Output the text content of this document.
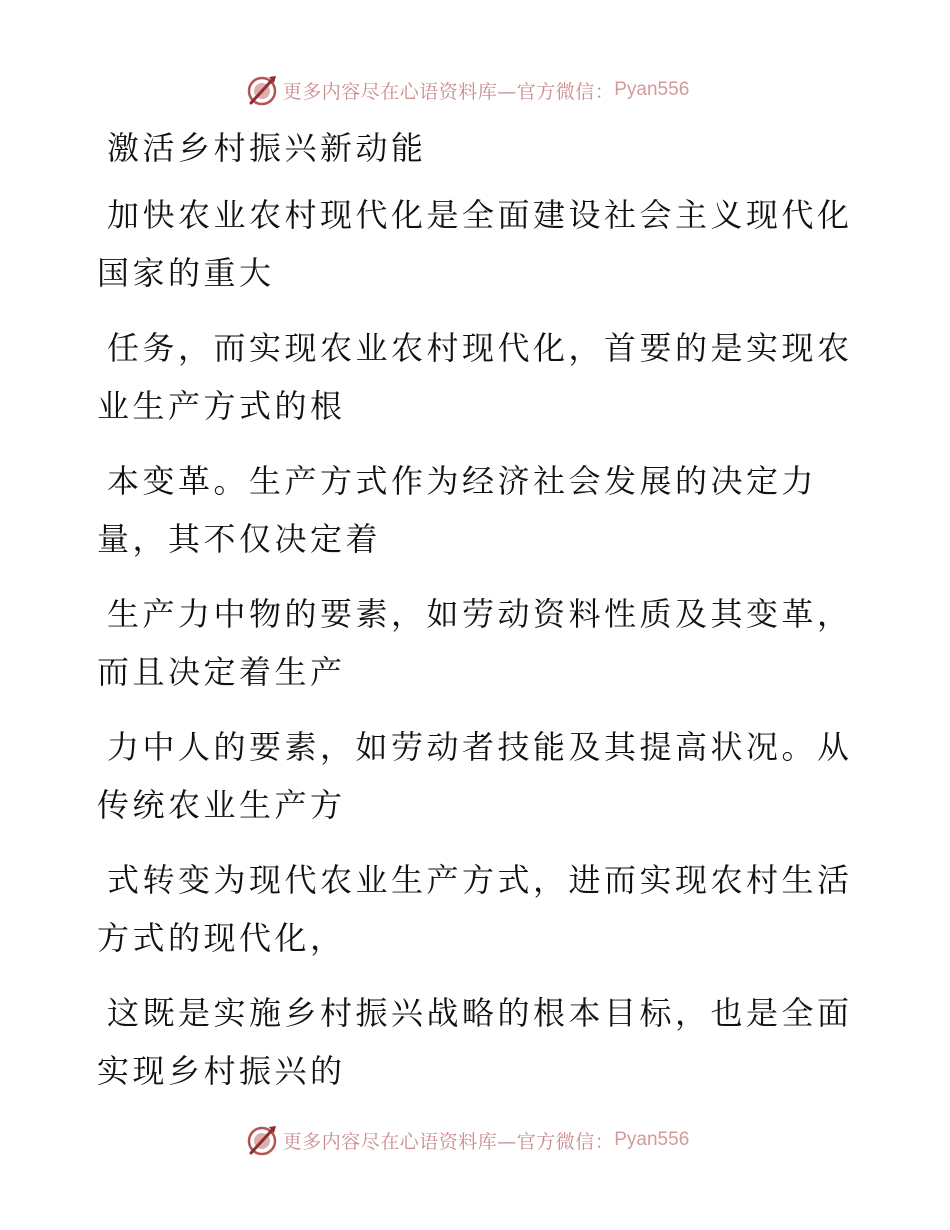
更多内容尽在心语资料库—官方微信： Pyan556
激活乡村振兴新动能

加快农业农村现代化是全面建设社会主义现代化
国家的重大

任务，而实现农业农村现代化，首要的是实现农
业生产方式的根

本变革。生产方式作为经济社会发展的决定力
量，其不仅决定着

生产力中物的要素，如劳动资料性质及其变革，
而且决定着生产

力中人的要素，如劳动者技能及其提高状况。从
传统农业生产方

式转变为现代农业生产方式，进而实现农村生活
方式的现代化，

这既是实施乡村振兴战略的根本目标，也是全面
实现乡村振兴的

更多内容尽在心语资料库—官方微信： Pyan556
